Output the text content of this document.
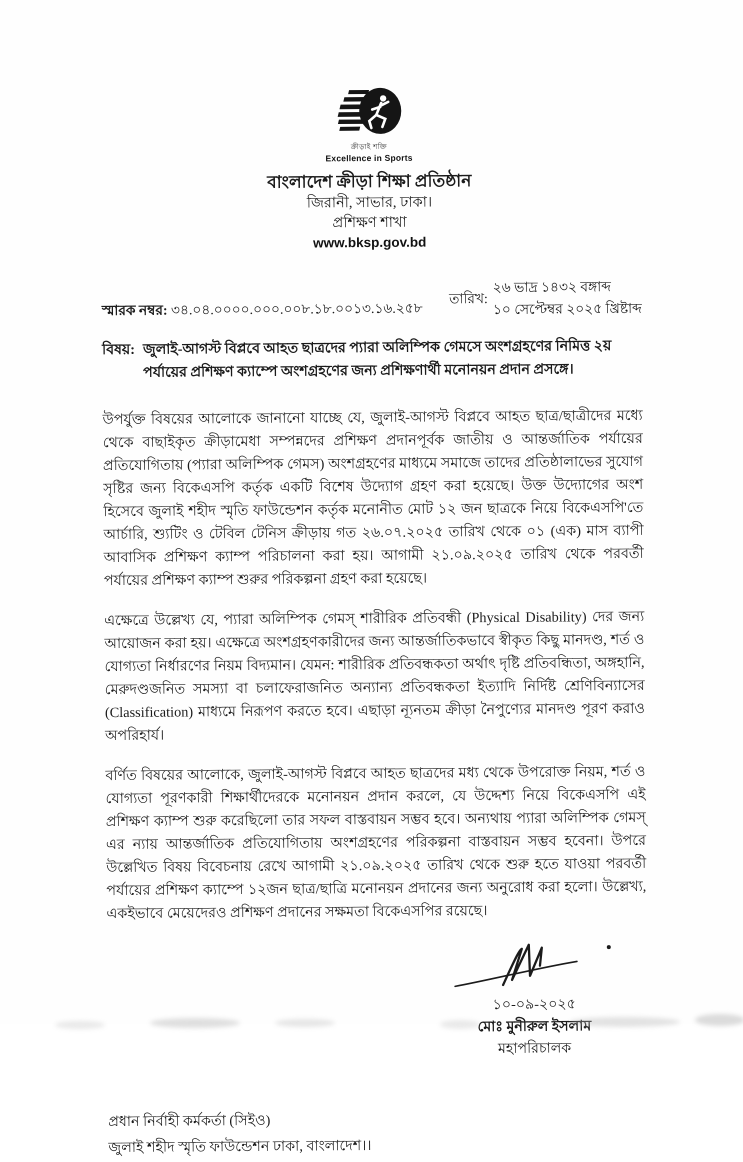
ক্রীড়াই শক্তি
Excellence in Sports
বাংলাদেশ ক্রীড়া শিক্ষা প্রতিষ্ঠান
জিরানী, সাভার, ঢাকা।
প্রশিক্ষণ শাখা
www.bksp.gov.bd
স্মারক নম্বর: ৩৪.০৪.০০০০.০০০.০০৮.১৮.০০১৩.১৬.২৫৮
তারিখ:
২৬ ভাদ্র ১৪৩২ বঙ্গাব্দ
১০ সেপ্টেম্বর ২০২৫ খ্রিষ্টাব্দ
বিষয়: জুলাই-আগস্ট বিপ্লবে আহত ছাত্রদের প্যারা অলিম্পিক গেমসে অংশগ্রহণের নিমিত্ত ২য় পর্যায়ের প্রশিক্ষণ ক্যাম্পে অংশগ্রহণের জন্য প্রশিক্ষণার্থী মনোনয়ন প্রদান প্রসঙ্গে।

উপর্যুক্ত বিষয়ের আলোকে জানানো যাচ্ছে যে, জুলাই-আগস্ট বিপ্লবে আহত ছাত্র/ছাত্রীদের মধ্যে থেকে বাছাইকৃত ক্রীড়ামেধা সম্পন্নদের প্রশিক্ষণ প্রদানপূর্বক জাতীয় ও আন্তর্জাতিক পর্যায়ের প্রতিযোগিতায় (প্যারা অলিম্পিক গেমস) অংশগ্রহণের মাধ্যমে সমাজে তাদের প্রতিষ্ঠালাভের সুযোগ সৃষ্টির জন্য বিকেএসপি কর্তৃক একটি বিশেষ উদ্যোগ গ্রহণ করা হয়েছে। উক্ত উদ্যোগের অংশ হিসেবে জুলাই শহীদ স্মৃতি ফাউন্ডেশন কর্তৃক মনোনীত মোট ১২ জন ছাত্রকে নিয়ে বিকেএসপি'তে আর্চারি, শ্যুটিং ও টেবিল টেনিস ক্রীড়ায় গত ২৬.০৭.২০২৫ তারিখ থেকে ০১ (এক) মাস ব্যাপী আবাসিক প্রশিক্ষণ ক্যাম্প পরিচালনা করা হয়। আগামী ২১.০৯.২০২৫ তারিখ থেকে পরবর্তী পর্যায়ের প্রশিক্ষণ ক্যাম্প শুরুর পরিকল্পনা গ্রহণ করা হয়েছে।

এক্ষেত্রে উল্লেখ্য যে, প্যারা অলিম্পিক গেমস্ শারীরিক প্রতিবন্ধী (Physical Disability) দের জন্য আয়োজন করা হয়। এক্ষেত্রে অংশগ্রহণকারীদের জন্য আন্তর্জাতিকভাবে স্বীকৃত কিছু মানদণ্ড, শর্ত ও যোগ্যতা নির্ধারণের নিয়ম বিদ্যমান। যেমন: শারীরিক প্রতিবন্ধকতা অর্থাৎ দৃষ্টি প্রতিবন্ধিতা, অঙ্গহানি, মেরুদণ্ডজনিত সমস্যা বা চলাফেরাজনিত অন্যান্য প্রতিবন্ধকতা ইত্যাদি নির্দিষ্ট শ্রেণিবিন্যাসের (Classification) মাধ্যমে নিরূপণ করতে হবে। এছাড়া ন্যূনতম ক্রীড়া নৈপুণ্যের মানদণ্ড পূরণ করাও অপরিহার্য।

বর্ণিত বিষয়ের আলোকে, জুলাই-আগস্ট বিপ্লবে আহত ছাত্রদের মধ্য থেকে উপরোক্ত নিয়ম, শর্ত ও যোগ্যতা পূরণকারী শিক্ষার্থীদেরকে মনোনয়ন প্রদান করলে, যে উদ্দেশ্য নিয়ে বিকেএসপি এই প্রশিক্ষণ ক্যাম্প শুরু করেছিলো তার সফল বাস্তবায়ন সম্ভব হবে। অন্যথায় প্যারা অলিম্পিক গেমস্ এর ন্যায় আন্তর্জাতিক প্রতিযোগিতায় অংশগ্রহণের পরিকল্পনা বাস্তবায়ন সম্ভব হবেনা। উপরে উল্লেখিত বিষয় বিবেচনায় রেখে আগামী ২১.০৯.২০২৫ তারিখ থেকে শুরু হতে যাওয়া পরবর্তী পর্যায়ের প্রশিক্ষণ ক্যাম্পে ১২জন ছাত্র/ছাত্রি মনোনয়ন প্রদানের জন্য অনুরোধ করা হলো। উল্লেখ্য, একইভাবে মেয়েদেরও প্রশিক্ষণ প্রদানের সক্ষমতা বিকেএসপির রয়েছে।

১০-০৯-২০২৫
মোঃ মুনীরুল ইসলাম
মহাপরিচালক
প্রধান নির্বাহী কর্মকর্তা (সিইও)
জুলাই শহীদ স্মৃতি ফাউন্ডেশন ঢাকা, বাংলাদেশ।।
